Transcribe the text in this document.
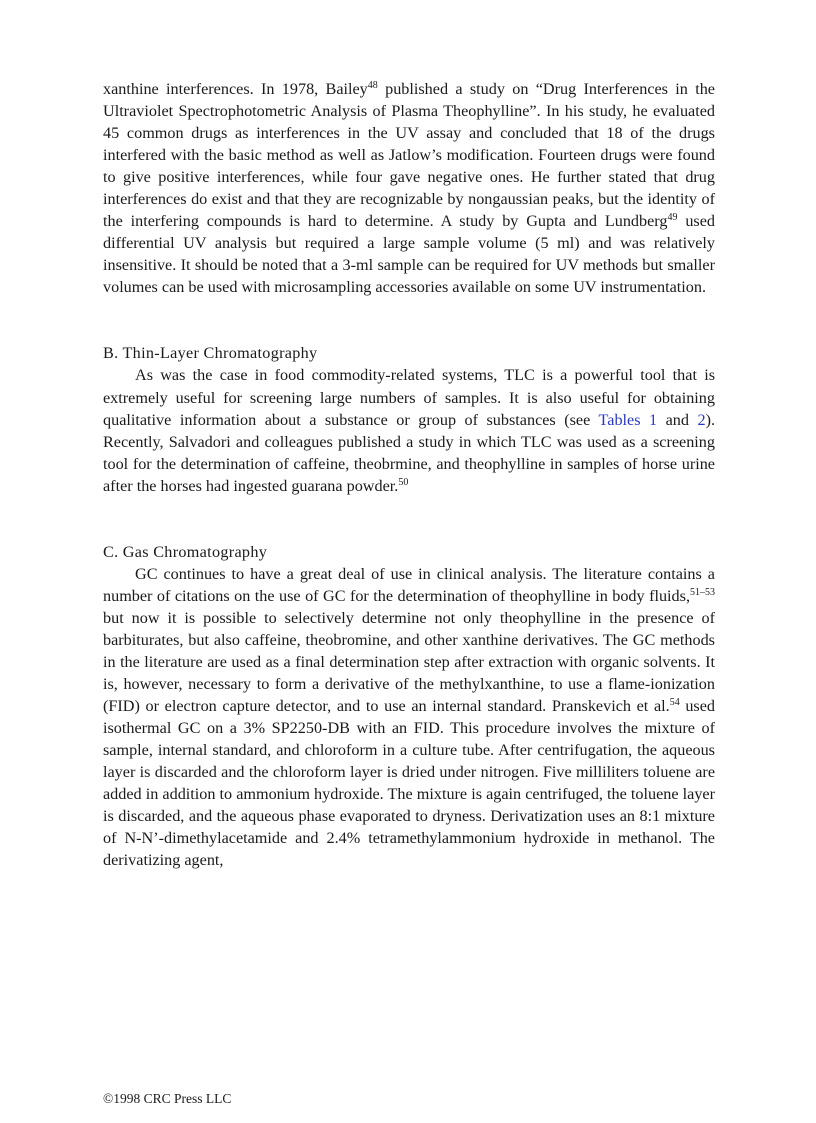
xanthine interferences. In 1978, Bailey$^{48}$ published a study on “Drug Interferences in the Ultraviolet Spectrophotometric Analysis of Plasma Theophylline”. In his study, he evaluated 45 common drugs as interferences in the UV assay and concluded that 18 of the drugs interfered with the basic method as well as Jatlow’s modification. Fourteen drugs were found to give positive interferences, while four gave negative ones. He further stated that drug interferences do exist and that they are recognizable by nongaussian peaks, but the identity of the interfering compounds is hard to determine. A study by Gupta and Lundberg$^{49}$ used differential UV analysis but required a large sample volume (5 ml) and was relatively insensitive. It should be noted that a 3-ml sample can be required for UV methods but smaller volumes can be used with microsampling accessories available on some UV instrumentation.

B. Thin-Layer Chromatography

As was the case in food commodity-related systems, TLC is a powerful tool that is extremely useful for screening large numbers of samples. It is also useful for obtaining qualitative information about a substance or group of substances (see Tables 1 and 2). Recently, Salvadori and colleagues published a study in which TLC was used as a screening tool for the determination of caffeine, theobrmine, and theophylline in samples of horse urine after the horses had ingested guarana powder.$^{50}$

C. Gas Chromatography

GC continues to have a great deal of use in clinical analysis. The literature contains a number of citations on the use of GC for the determination of theophylline in body fluids,$^{51-53}$ but now it is possible to selectively determine not only theophylline in the presence of barbiturates, but also caffeine, theobromine, and other xanthine derivatives. The GC methods in the literature are used as a final determination step after extraction with organic solvents. It is, however, necessary to form a derivative of the methylxanthine, to use a flame-ionization (FID) or electron capture detector, and to use an internal standard. Pranskevich et al.$^{54}$ used isothermal GC on a 3% SP2250-DB with an FID. This procedure involves the mixture of sample, internal standard, and chloroform in a culture tube. After centrifugation, the aqueous layer is discarded and the chloroform layer is dried under nitrogen. Five milliliters toluene are added in addition to ammonium hydroxide. The mixture is again centrifuged, the toluene layer is discarded, and the aqueous phase evaporated to dryness. Derivatization uses an 8:1 mixture of N-N’-dimethylacetamide and 2.4% tetramethylammonium hydroxide in methanol. The derivatizing agent,

©1998 CRC Press LLC
